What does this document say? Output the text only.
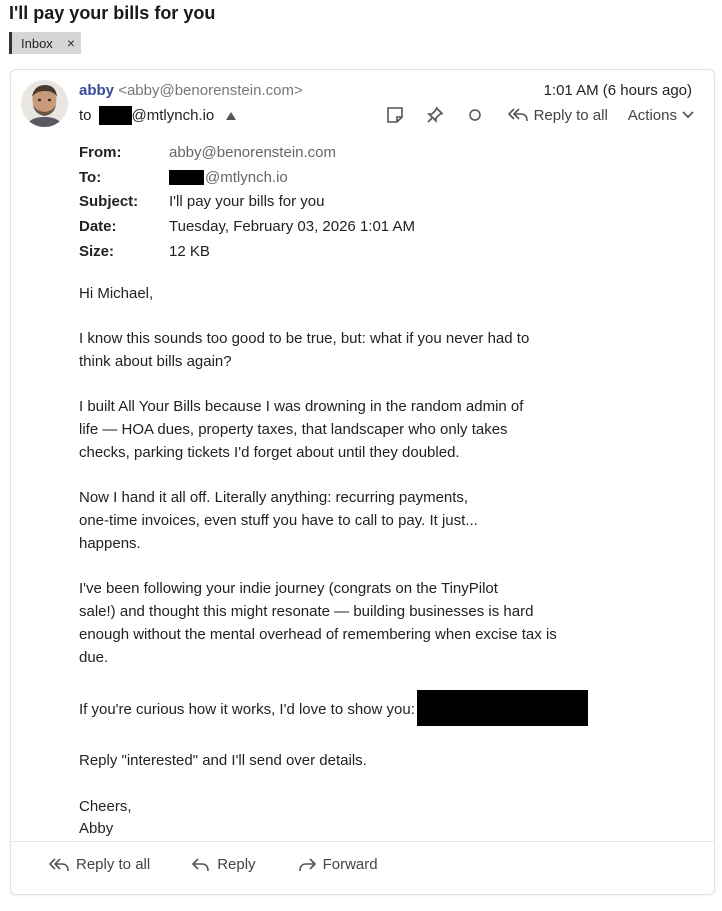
I'll pay your bills for you
Inbox ×
abby <abby@benorenstein.com>
to	@mtlynch.io
1:01 AM (6 hours ago)
Reply to all Actions
From:	abby@benorenstein.com
To:	@mtlynch.io
Subject:	I'll pay your bills for you
Date:	Tuesday, February 03, 2026 1:01 AM
Size:	12 KB

Hi Michael,

I know this sounds too good to be true, but: what if you never had to
think about bills again?

I built All Your Bills because I was drowning in the random admin of
life — HOA dues, property taxes, that landscaper who only takes
checks, parking tickets I'd forget about until they doubled.

Now I hand it all off. Literally anything: recurring payments,
one-time invoices, even stuff you have to call to pay. It just...
happens.

I've been following your indie journey (congrats on the TinyPilot
sale!) and thought this might resonate — building businesses is hard
enough without the mental overhead of remembering when excise tax is
due.

If you're curious how it works, I'd love to show you:

Reply "interested" and I'll send over details.

Cheers,
Abby

Reply to all	Reply	Forward
